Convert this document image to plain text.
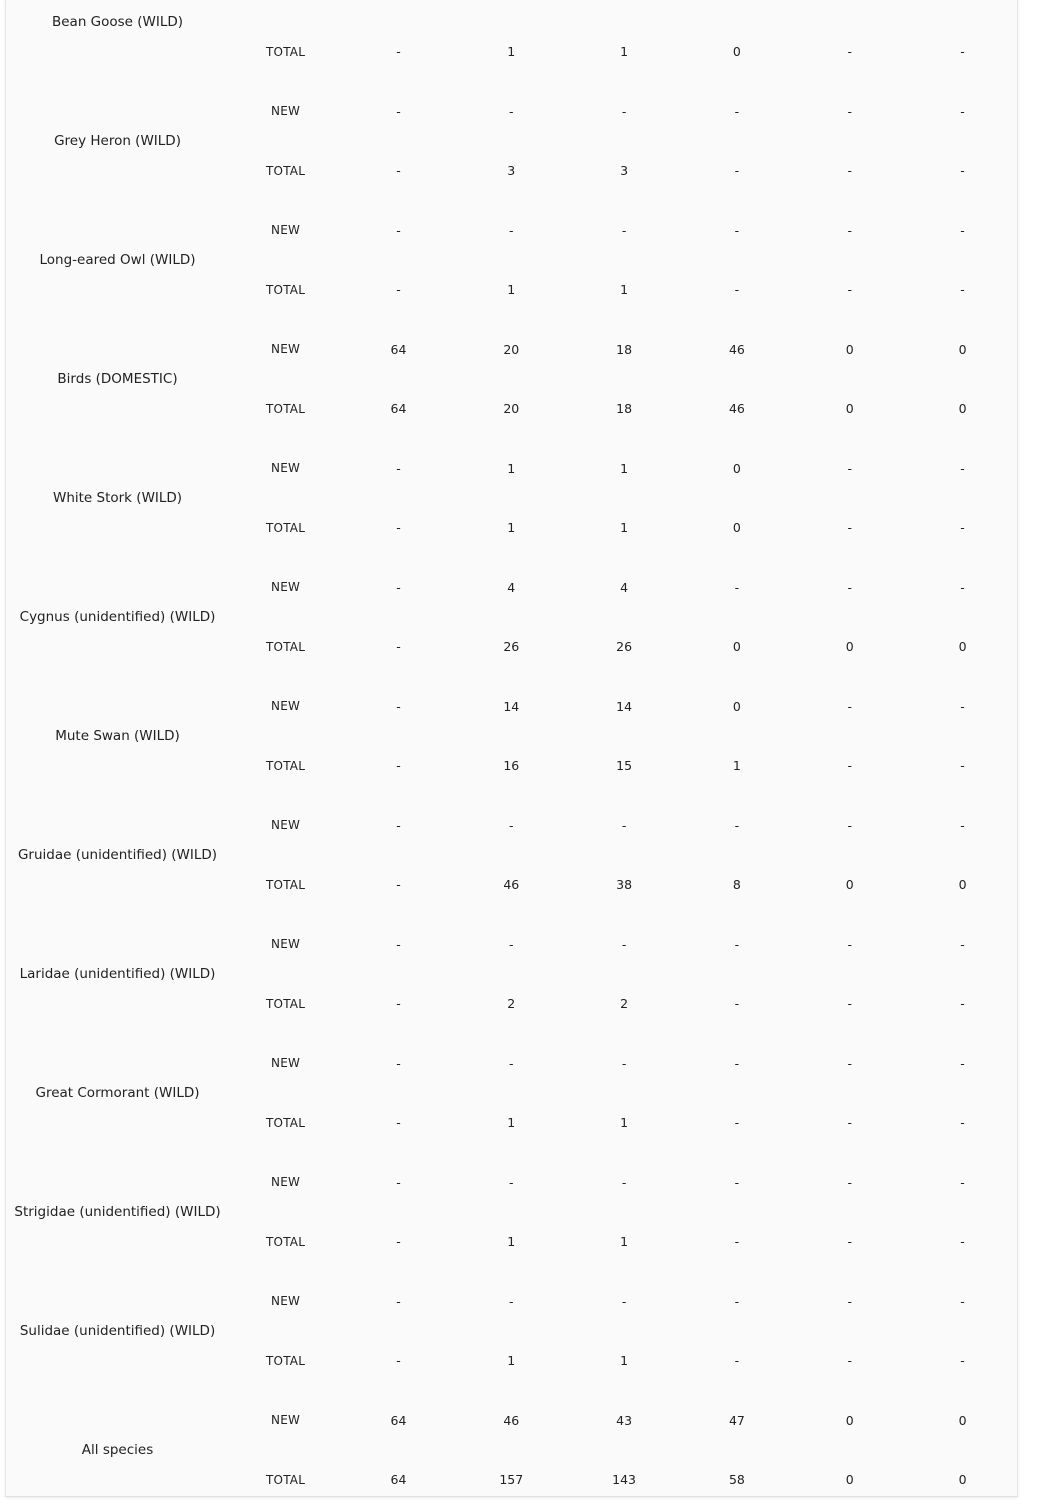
Bean Goose (WILD)							
	TOTAL	-	1	1	0	-	-
Grey Heron (WILD)	NEW	-	-	-	-	-	-
	TOTAL	-	3	3	-	-	-
Long-eared Owl (WILD)	NEW	-	-	-	-	-	-
	TOTAL	-	1	1	-	-	-
Birds (DOMESTIC)	NEW	64	20	18	46	0	0
	TOTAL	64	20	18	46	0	0
White Stork (WILD)	NEW	-	1	1	0	-	-
	TOTAL	-	1	1	0	-	-
Cygnus (unidentified) (WILD)	NEW	-	4	4	-	-	-
	TOTAL	-	26	26	0	0	0
Mute Swan (WILD)	NEW	-	14	14	0	-	-
	TOTAL	-	16	15	1	-	-
Gruidae (unidentified) (WILD)	NEW	-	-	-	-	-	-
	TOTAL	-	46	38	8	0	0
Laridae (unidentified) (WILD)	NEW	-	-	-	-	-	-
	TOTAL	-	2	2	-	-	-
Great Cormorant (WILD)	NEW	-	-	-	-	-	-
	TOTAL	-	1	1	-	-	-
Strigidae (unidentified) (WILD)	NEW	-	-	-	-	-	-
	TOTAL	-	1	1	-	-	-
Sulidae (unidentified) (WILD)	NEW	-	-	-	-	-	-
	TOTAL	-	1	1	-	-	-
All species	NEW	64	46	43	47	0	0
	TOTAL	64	157	143	58	0	0
